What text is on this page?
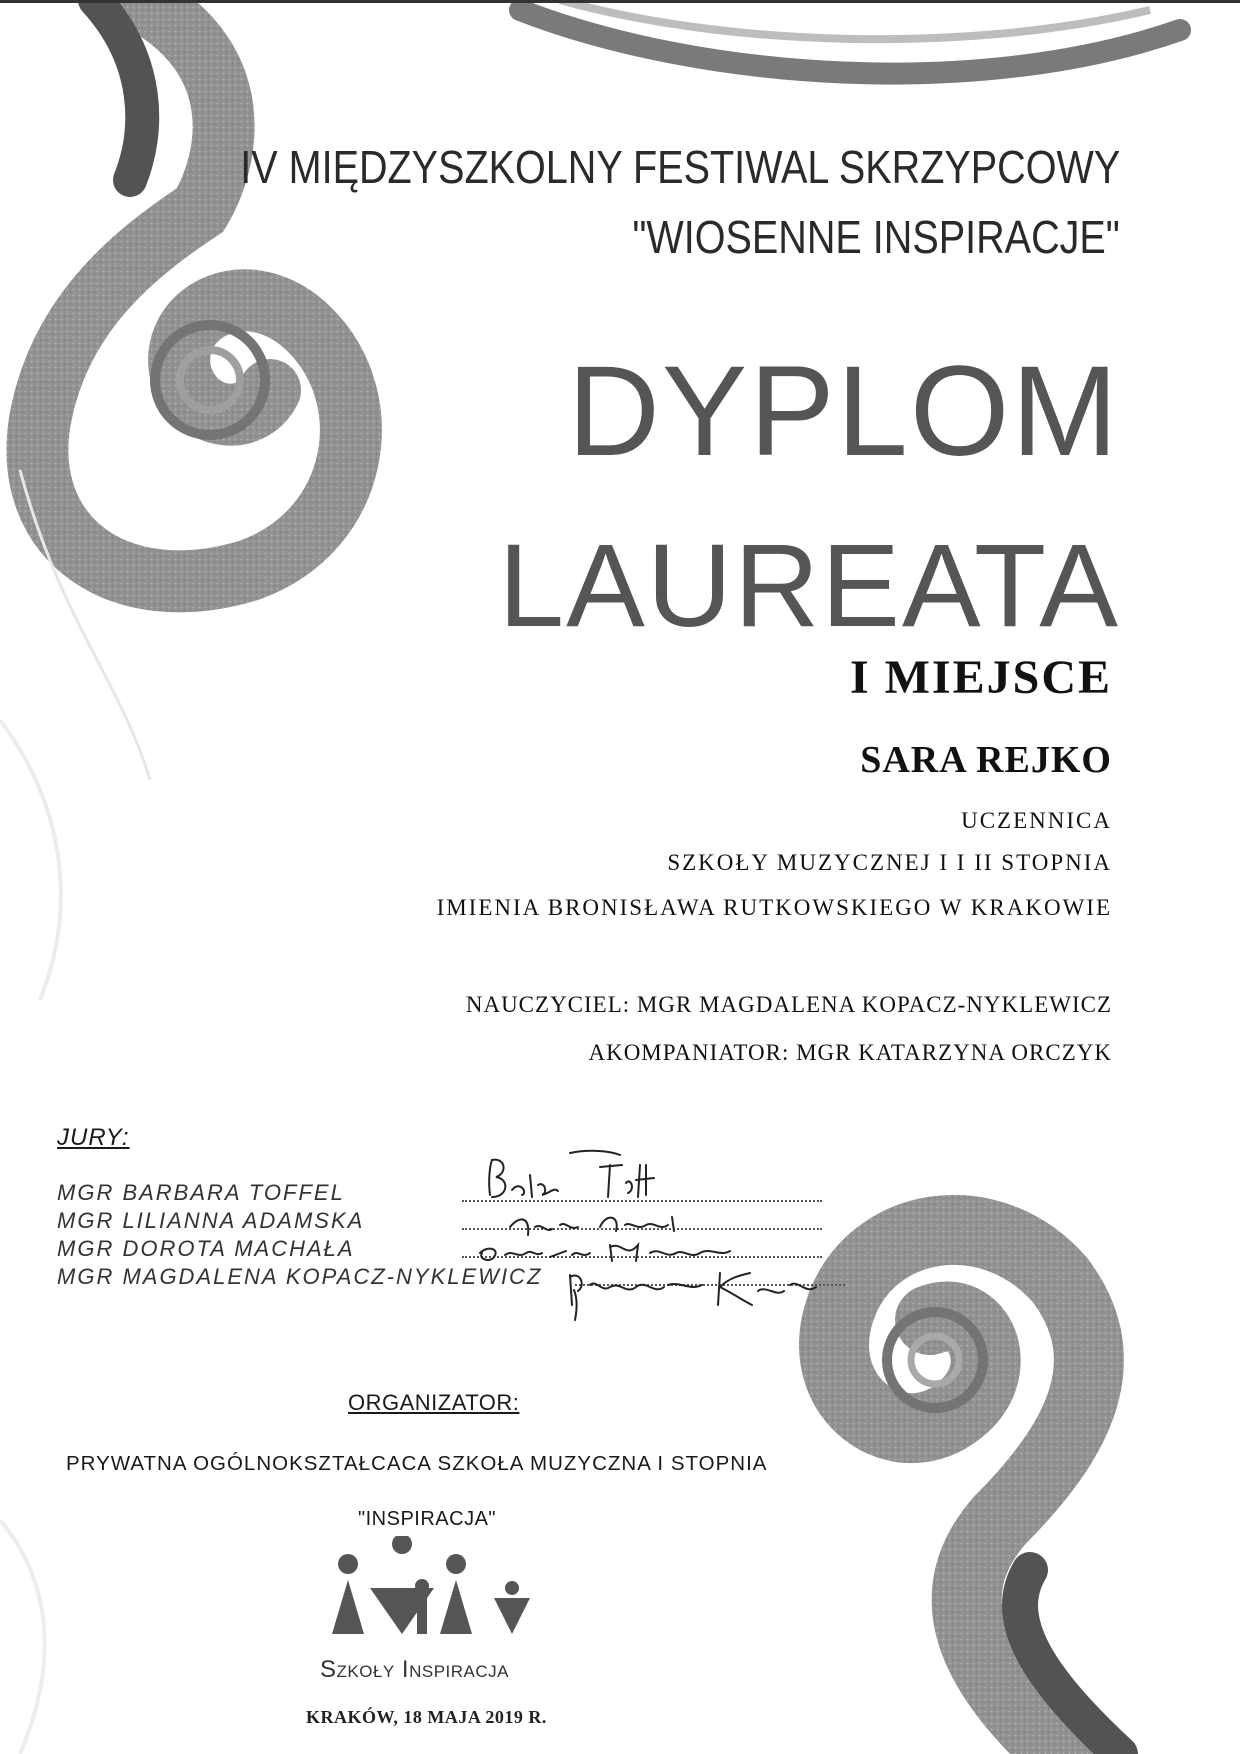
IV MIĘDZYSZKOLNY FESTIWAL SKRZYPCOWY
"WIOSENNE INSPIRACJE"
DYPLOM
LAUREATA
I MIEJSCE
SARA REJKO
UCZENNICA
SZKOŁY MUZYCZNEJ I I II STOPNIA
IMIENIA BRONISŁAWA RUTKOWSKIEGO W KRAKOWIE
NAUCZYCIEL: MGR MAGDALENA KOPACZ-NYKLEWICZ
AKOMPANIATOR: MGR KATARZYNA ORCZYK
JURY:
MGR BARBARA TOFFEL
MGR LILIANNA ADAMSKA
MGR DOROTA MACHAŁA
MGR MAGDALENA KOPACZ-NYKLEWICZ
ORGANIZATOR:
PRYWATNA OGÓLNOKSZTAŁCACA SZKOŁA MUZYCZNA I STOPNIA
"INSPIRACJA"
Szkoły Inspiracja
KRAKÓW, 18 MAJA 2019 R.
